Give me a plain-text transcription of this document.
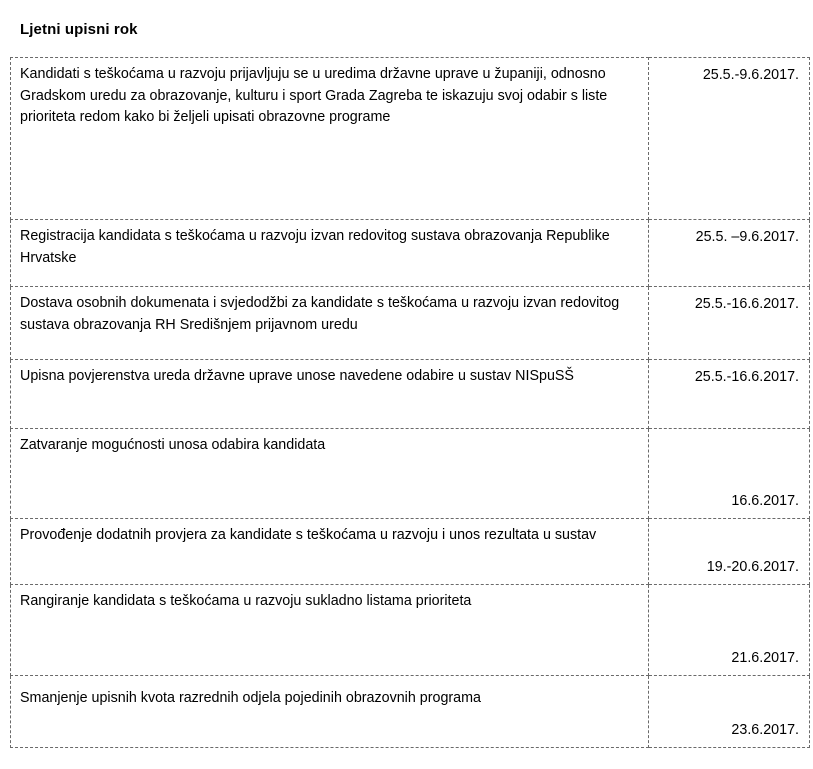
Ljetni upisni rok
Kandidati s teškoćama u razvoju prijavljuju se u uredima državne uprave u županiji, odnosno Gradskom uredu za obrazovanje, kulturu i sport Grada Zagreba te iskazuju svoj odabir s liste prioriteta redom kako bi željeli upisati obrazovne programe	25.5.-9.6.2017.
Registracija kandidata s teškoćama u razvoju izvan redovitog sustava obrazovanja Republike Hrvatske	25.5. –9.6.2017.
Dostava osobnih dokumenata i svjedodžbi za kandidate s teškoćama u razvoju izvan redovitog sustava obrazovanja RH Središnjem prijavnom uredu	25.5.-16.6.2017.
Upisna povjerenstva ureda državne uprave unose navedene odabire u sustav NISpuSŠ	25.5.-16.6.2017.
Zatvaranje mogućnosti unosa odabira kandidata	16.6.2017.
Provođenje dodatnih provjera za kandidate s teškoćama u razvoju i unos rezultata u sustav	19.-20.6.2017.
Rangiranje kandidata s teškoćama u razvoju sukladno listama prioriteta	21.6.2017.
Smanjenje upisnih kvota razrednih odjela pojedinih obrazovnih programa	23.6.2017.
